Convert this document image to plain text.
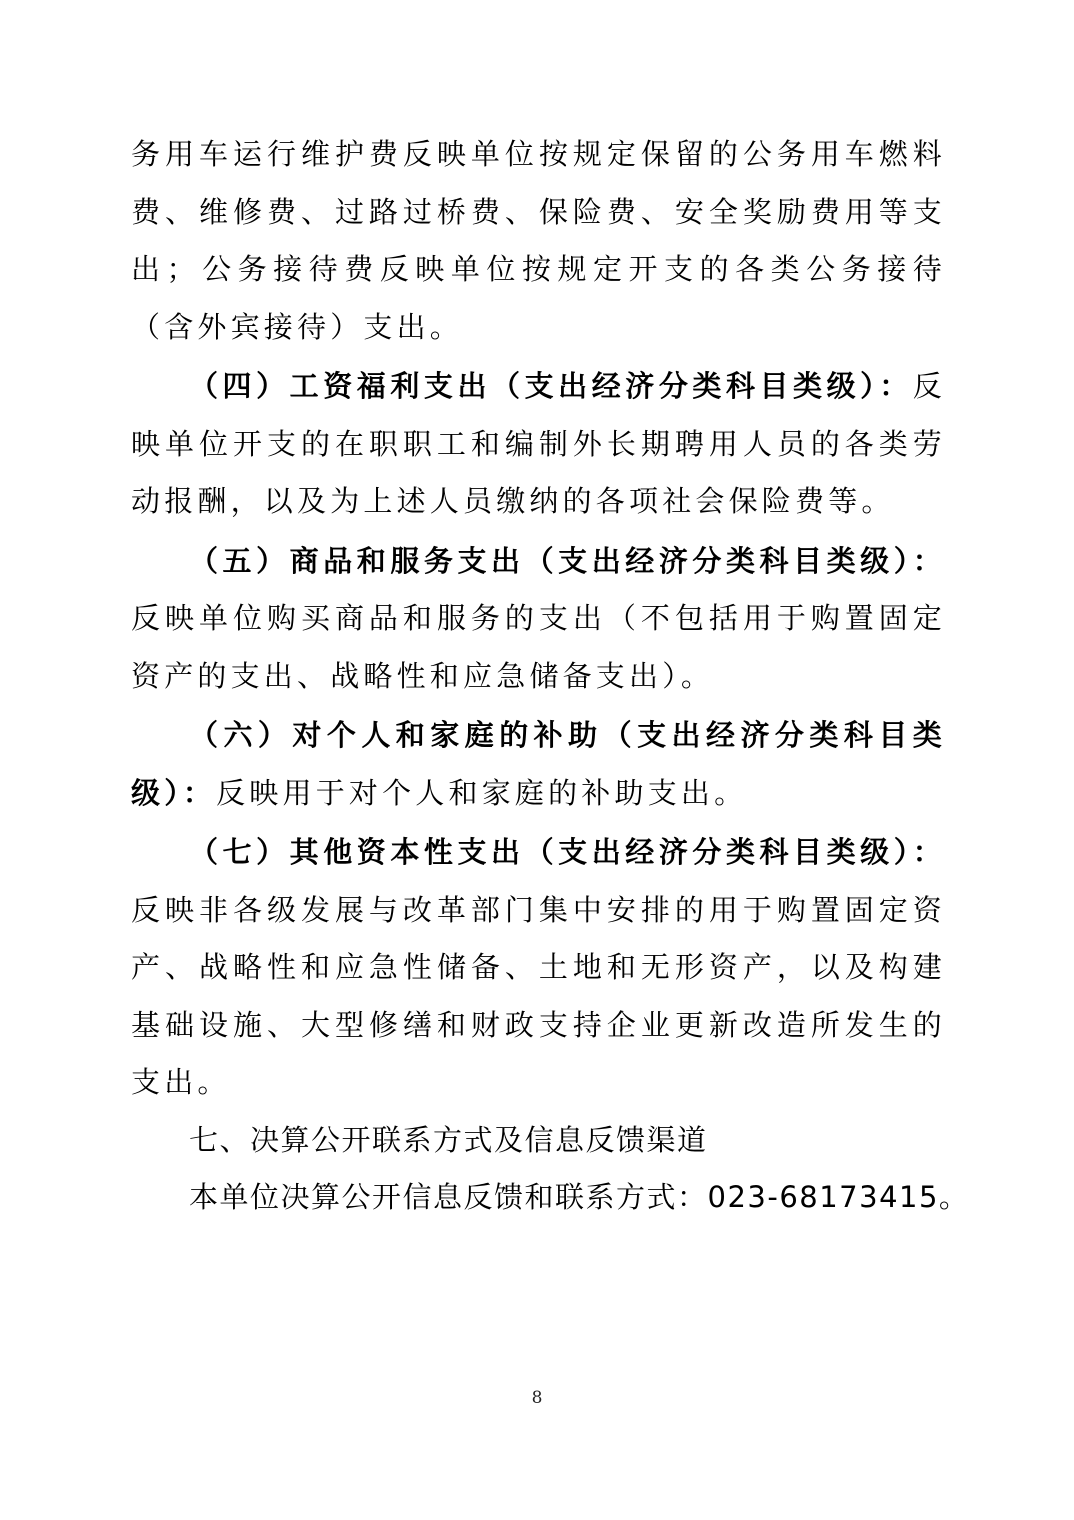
务用车运行维护费反映单位按规定保留的公务用车燃料费、维修费、过路过桥费、保险费、安全奖励费用等支出；公务接待费反映单位按规定开支的各类公务接待（含外宾接待）支出。

（四）工资福利支出（支出经济分类科目类级）：反映单位开支的在职职工和编制外长期聘用人员的各类劳动报酬，以及为上述人员缴纳的各项社会保险费等。

（五）商品和服务支出（支出经济分类科目类级）：反映单位购买商品和服务的支出（不包括用于购置固定资产的支出、战略性和应急储备支出）。

（六）对个人和家庭的补助（支出经济分类科目类级）：反映用于对个人和家庭的补助支出。

（七）其他资本性支出（支出经济分类科目类级）：反映非各级发展与改革部门集中安排的用于购置固定资产、战略性和应急性储备、土地和无形资产，以及构建基础设施、大型修缮和财政支持企业更新改造所发生的支出。

七、决算公开联系方式及信息反馈渠道

本单位决算公开信息反馈和联系方式：023-68173415。

8
